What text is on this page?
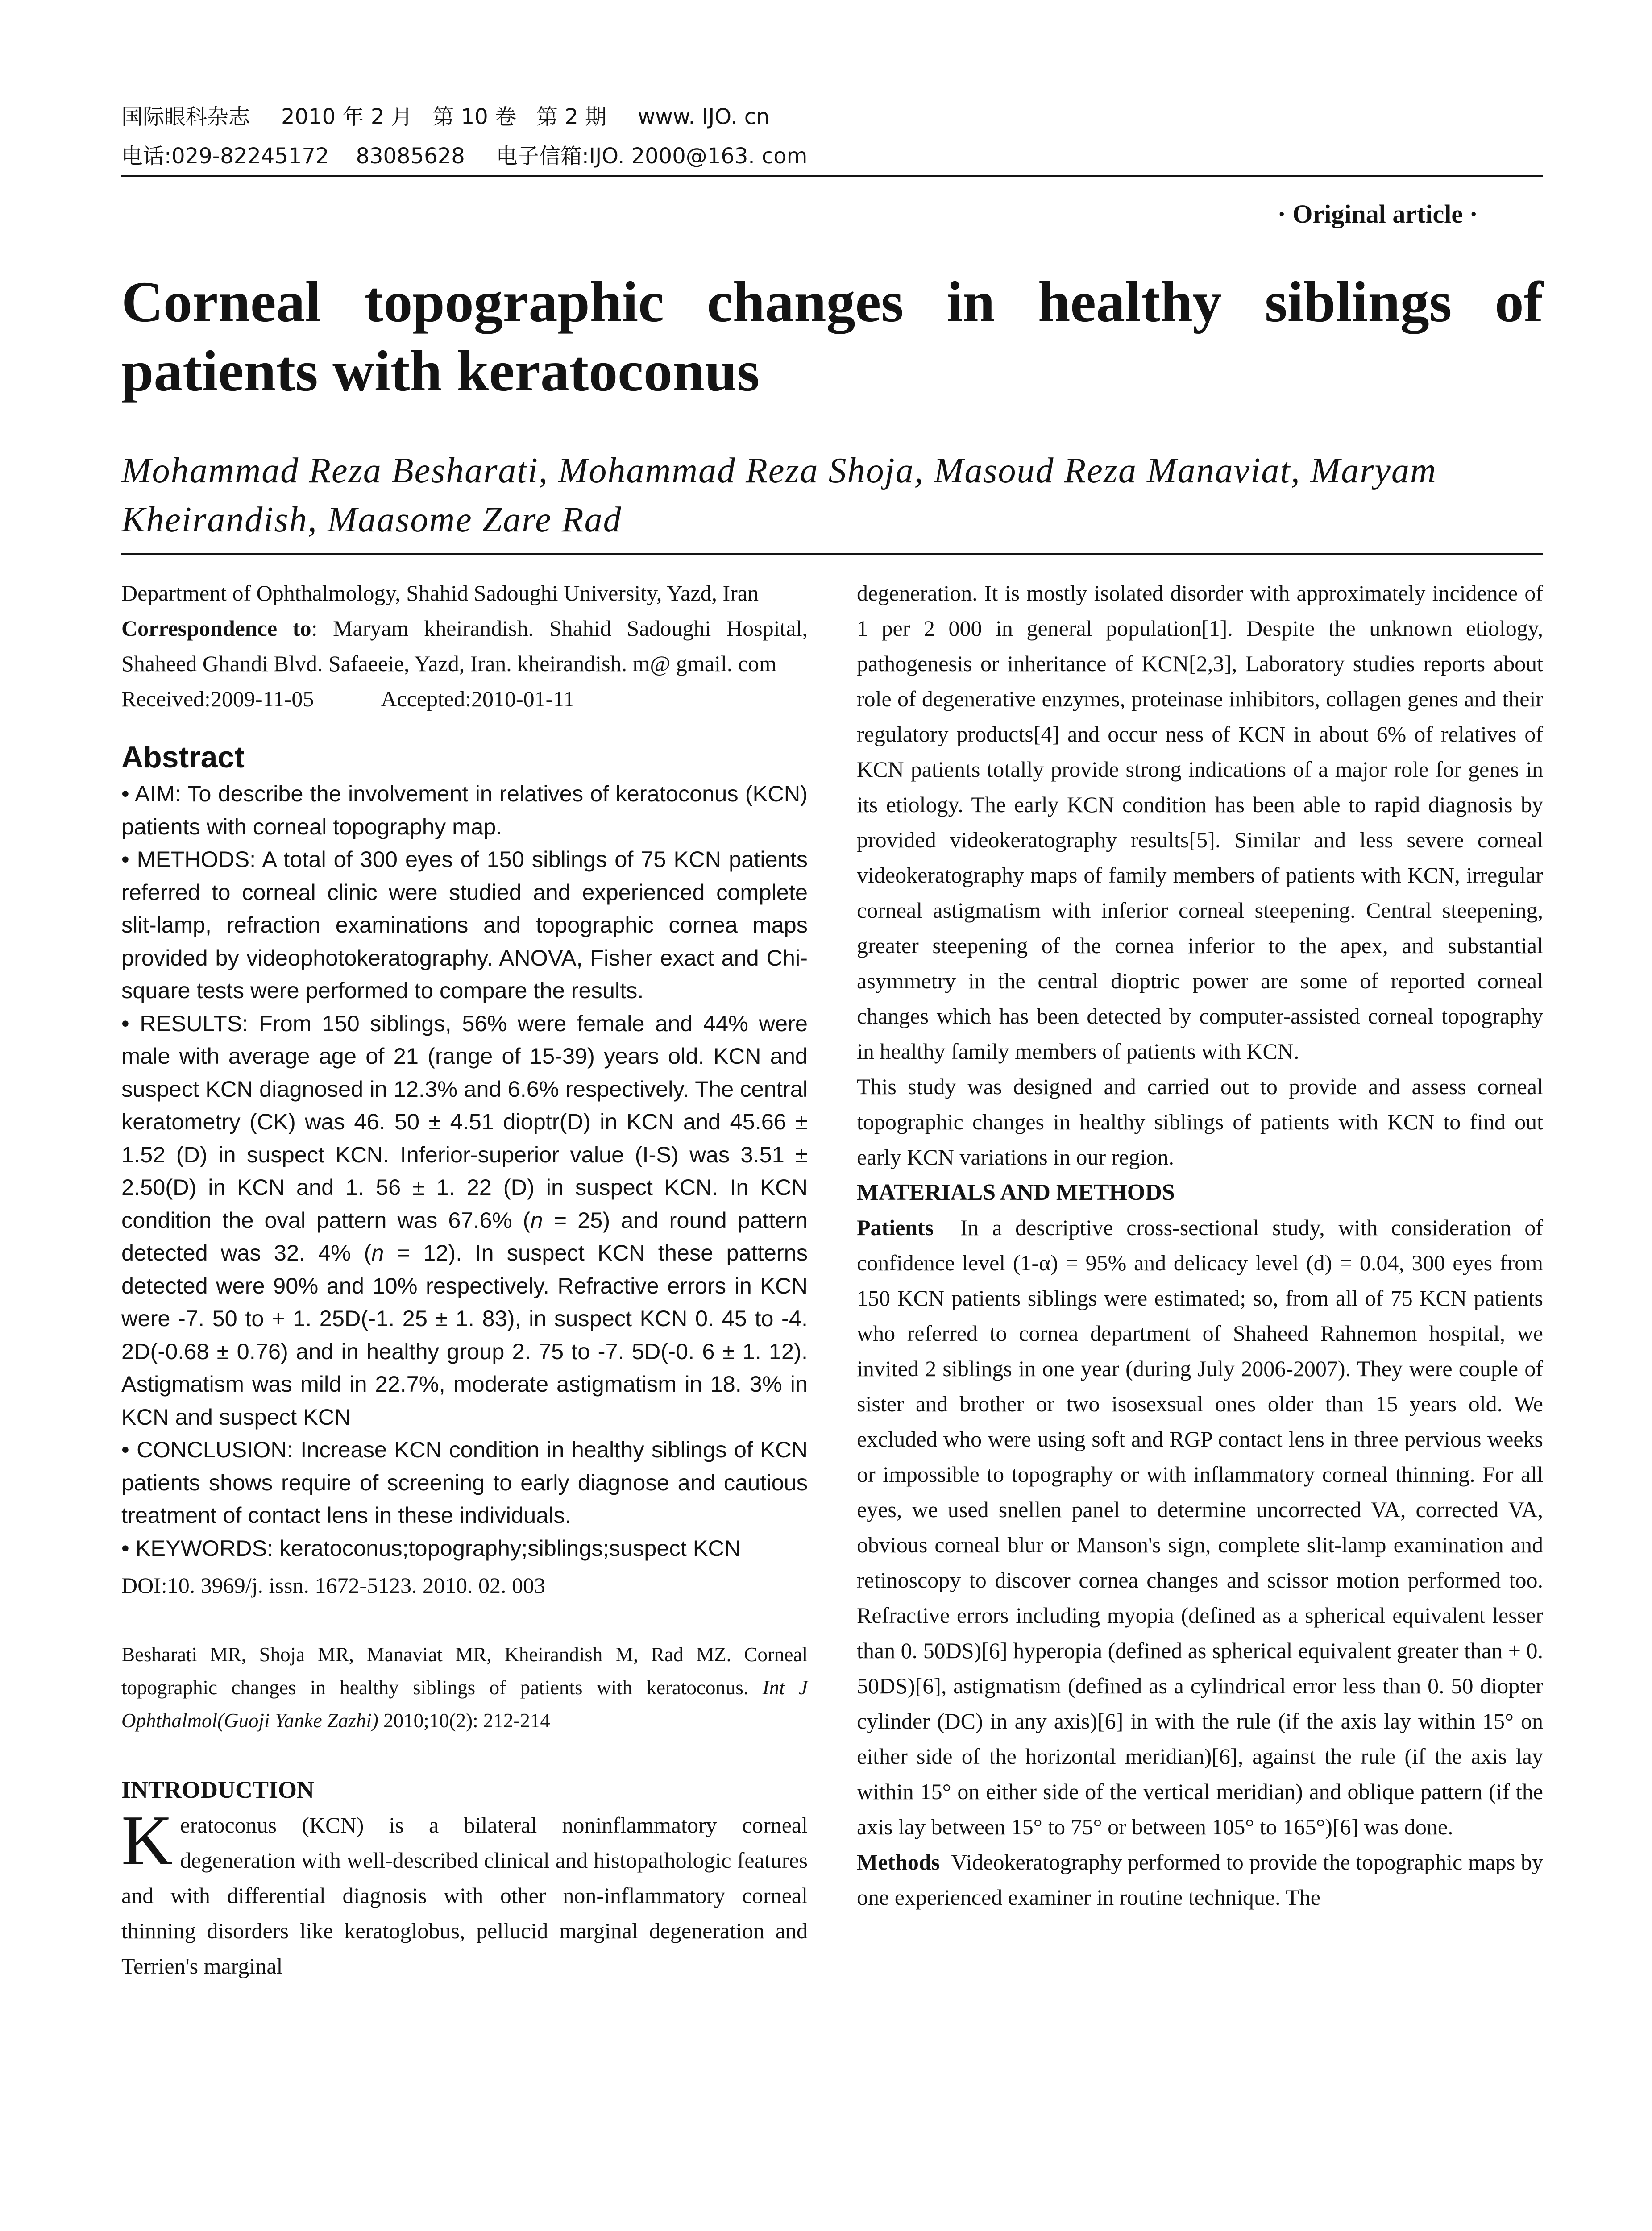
国际眼科杂志 2010 年 2 月 第 10 卷 第 2 期 www. IJO. cn
电话:029-82245172 83085628 电子信箱:IJO. 2000@163. com
· Original article ·
Corneal topographic changes in healthy siblings of patients with keratoconus

Mohammad Reza Besharati, Mohammad Reza Shoja, Masoud Reza Manaviat, Maryam Kheirandish, Maasome Zare Rad

Department of Ophthalmology, Shahid Sadoughi University, Yazd, Iran

Correspondence to: Maryam kheirandish. Shahid Sadoughi Hospital, Shaheed Ghandi Blvd. Safaeeie, Yazd, Iran. kheirandish. m@ gmail. com

Received:2009-11-05	Accepted:2010-01-11

Abstract

• AIM: To describe the involvement in relatives of keratoconus (KCN) patients with corneal topography map.

• METHODS: A total of 300 eyes of 150 siblings of 75 KCN patients referred to corneal clinic were studied and experienced complete slit-lamp, refraction examinations and topographic cornea maps provided by videophotokeratography. ANOVA, Fisher exact and Chi-square tests were performed to compare the results.

• RESULTS: From 150 siblings, 56% were female and 44% were male with average age of 21 (range of 15-39) years old. KCN and suspect KCN diagnosed in 12.3% and 6.6% respectively. The central keratometry (CK) was 46. 50 ± 4.51 dioptr(D) in KCN and 45.66 ± 1.52 (D) in suspect KCN. Inferior-superior value (I-S) was 3.51 ± 2.50(D) in KCN and 1. 56 ± 1. 22 (D) in suspect KCN. In KCN condition the oval pattern was 67.6% (n = 25) and round pattern detected was 32. 4% (n = 12). In suspect KCN these patterns detected were 90% and 10% respectively. Refractive errors in KCN were -7. 50 to + 1. 25D(-1. 25 ± 1. 83), in suspect KCN 0. 45 to -4. 2D(-0.68 ± 0.76) and in healthy group 2. 75 to -7. 5D(-0. 6 ± 1. 12). Astigmatism was mild in 22.7%, moderate astigmatism in 18. 3% in KCN and suspect KCN

• CONCLUSION: Increase KCN condition in healthy siblings of KCN patients shows require of screening to early diagnose and cautious treatment of contact lens in these individuals.

• KEYWORDS: keratoconus;topography;siblings;suspect KCN

DOI:10. 3969/j. issn. 1672-5123. 2010. 02. 003

Besharati MR, Shoja MR, Manaviat MR, Kheirandish M, Rad MZ. Corneal topographic changes in healthy siblings of patients with keratoconus. Int J Ophthalmol(Guoji Yanke Zazhi) 2010;10(2): 212-214

INTRODUCTION

Keratoconus (KCN) is a bilateral noninflammatory corneal degeneration with well-described clinical and histopathologic features and with differential diagnosis with other non-inflammatory corneal thinning disorders like keratoglobus, pellucid marginal degeneration and Terrien's marginal

degeneration. It is mostly isolated disorder with approximately incidence of 1 per 2 000 in general population[1]. Despite the unknown etiology, pathogenesis or inheritance of KCN[2,3], Laboratory studies reports about role of degenerative enzymes, proteinase inhibitors, collagen genes and their regulatory products[4] and occur ness of KCN in about 6% of relatives of KCN patients totally provide strong indications of a major role for genes in its etiology. The early KCN condition has been able to rapid diagnosis by provided videokeratography results[5]. Similar and less severe corneal videokeratography maps of family members of patients with KCN, irregular corneal astigmatism with inferior corneal steepening. Central steepening, greater steepening of the cornea inferior to the apex, and substantial asymmetry in the central dioptric power are some of reported corneal changes which has been detected by computer-assisted corneal topography in healthy family members of patients with KCN.

This study was designed and carried out to provide and assess corneal topographic changes in healthy siblings of patients with KCN to find out early KCN variations in our region.

MATERIALS AND METHODS

Patients In a descriptive cross-sectional study, with consideration of confidence level (1-α) = 95% and delicacy level (d) = 0.04, 300 eyes from 150 KCN patients siblings were estimated; so, from all of 75 KCN patients who referred to cornea department of Shaheed Rahnemon hospital, we invited 2 siblings in one year (during July 2006-2007). They were couple of sister and brother or two isosexsual ones older than 15 years old. We excluded who were using soft and RGP contact lens in three pervious weeks or impossible to topography or with inflammatory corneal thinning. For all eyes, we used snellen panel to determine uncorrected VA, corrected VA, obvious corneal blur or Manson's sign, complete slit-lamp examination and retinoscopy to discover cornea changes and scissor motion performed too. Refractive errors including myopia (defined as a spherical equivalent lesser than 0. 50DS)[6] hyperopia (defined as spherical equivalent greater than + 0. 50DS)[6], astigmatism (defined as a cylindrical error less than 0. 50 diopter cylinder (DC) in any axis)[6] in with the rule (if the axis lay within 15° on either side of the horizontal meridian)[6], against the rule (if the axis lay within 15° on either side of the vertical meridian) and oblique pattern (if the axis lay between 15° to 75° or between 105° to 165°)[6] was done.

Methods Videokeratography performed to provide the topographic maps by one experienced examiner in routine technique. The
